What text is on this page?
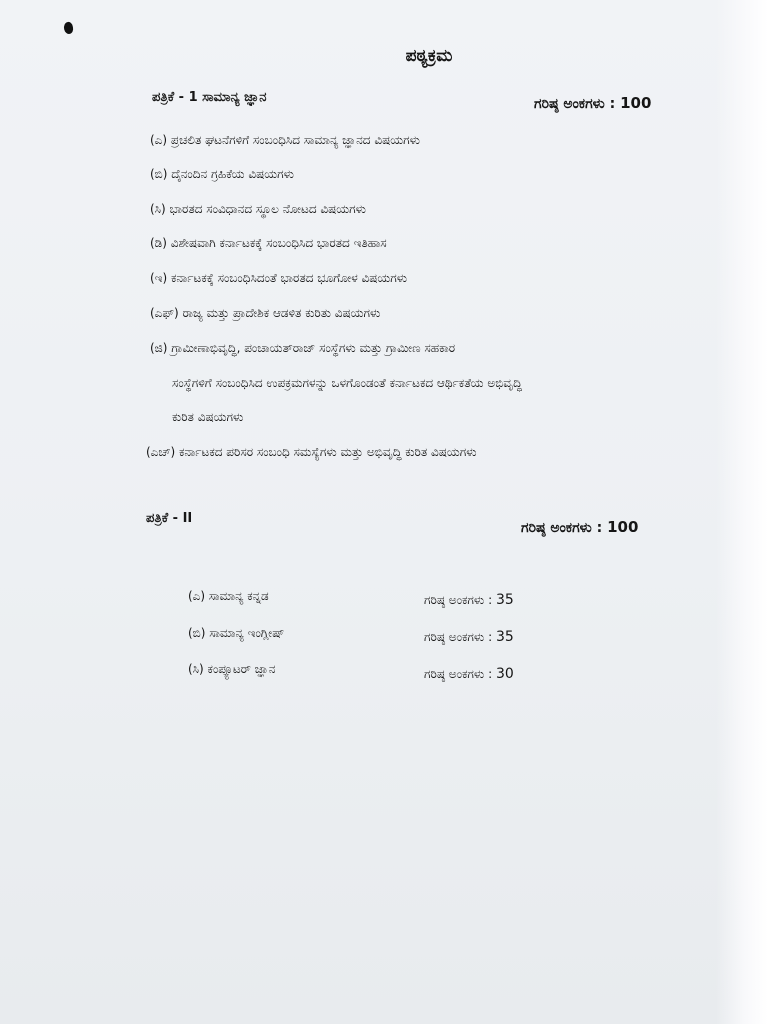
ಪಠ್ಯಕ್ರಮ
ಪತ್ರಿಕೆ - 1 ಸಾಮಾನ್ಯ ಜ್ಞಾನ	ಗರಿಷ್ಠ ಅಂಕಗಳು : 100
(ಎ) ಪ್ರಚಲಿತ ಘಟನೆಗಳಿಗೆ ಸಂಬಂಧಿಸಿದ ಸಾಮಾನ್ಯ ಜ್ಞಾನದ ವಿಷಯಗಳು
(ಬಿ) ದೈನಂದಿನ ಗ್ರಹಿಕೆಯ ವಿಷಯಗಳು
(ಸಿ) ಭಾರತದ ಸಂವಿಧಾನದ ಸ್ಥೂಲ ನೋಟದ ವಿಷಯಗಳು
(ಡಿ) ವಿಶೇಷವಾಗಿ ಕರ್ನಾಟಕಕ್ಕೆ ಸಂಬಂಧಿಸಿದ ಭಾರತದ ಇತಿಹಾಸ
(ಇ) ಕರ್ನಾಟಕಕ್ಕೆ ಸಂಬಂಧಿಸಿದಂತೆ ಭಾರತದ ಭೂಗೋಳ ವಿಷಯಗಳು
(ಎಫ್) ರಾಜ್ಯ ಮತ್ತು ಪ್ರಾದೇಶಿಕ ಆಡಳಿತ ಕುರಿತು ವಿಷಯಗಳು
(ಜಿ) ಗ್ರಾಮೀಣಾಭಿವೃದ್ಧಿ, ಪಂಚಾಯತ್‌ರಾಜ್ ಸಂಸ್ಥೆಗಳು ಮತ್ತು ಗ್ರಾಮೀಣ ಸಹಕಾರ
ಸಂಸ್ಥೆಗಳಿಗೆ ಸಂಬಂಧಿಸಿದ ಉಪಕ್ರಮಗಳನ್ನು ಒಳಗೊಂಡಂತೆ ಕರ್ನಾಟಕದ ಆರ್ಥಿಕತೆಯ ಅಭಿವೃದ್ಧಿ
ಕುರಿತ ವಿಷಯಗಳು
(ಎಚ್) ಕರ್ನಾಟಕದ ಪರಿಸರ ಸಂಬಂಧಿ ಸಮಸ್ಯೆಗಳು ಮತ್ತು ಅಭಿವೃದ್ಧಿ ಕುರಿತ ವಿಷಯಗಳು
ಪತ್ರಿಕೆ - II
ಗರಿಷ್ಠ ಅಂಕಗಳು : 100
(ಎ) ಸಾಮಾನ್ಯ ಕನ್ನಡ	ಗರಿಷ್ಠ ಅಂಕಗಳು : 35
(ಬಿ) ಸಾಮಾನ್ಯ ಇಂಗ್ಲೀಷ್	ಗರಿಷ್ಠ ಅಂಕಗಳು : 35
(ಸಿ) ಕಂಪ್ಯೂಟರ್ ಜ್ಞಾನ	ಗರಿಷ್ಠ ಅಂಕಗಳು : 30
